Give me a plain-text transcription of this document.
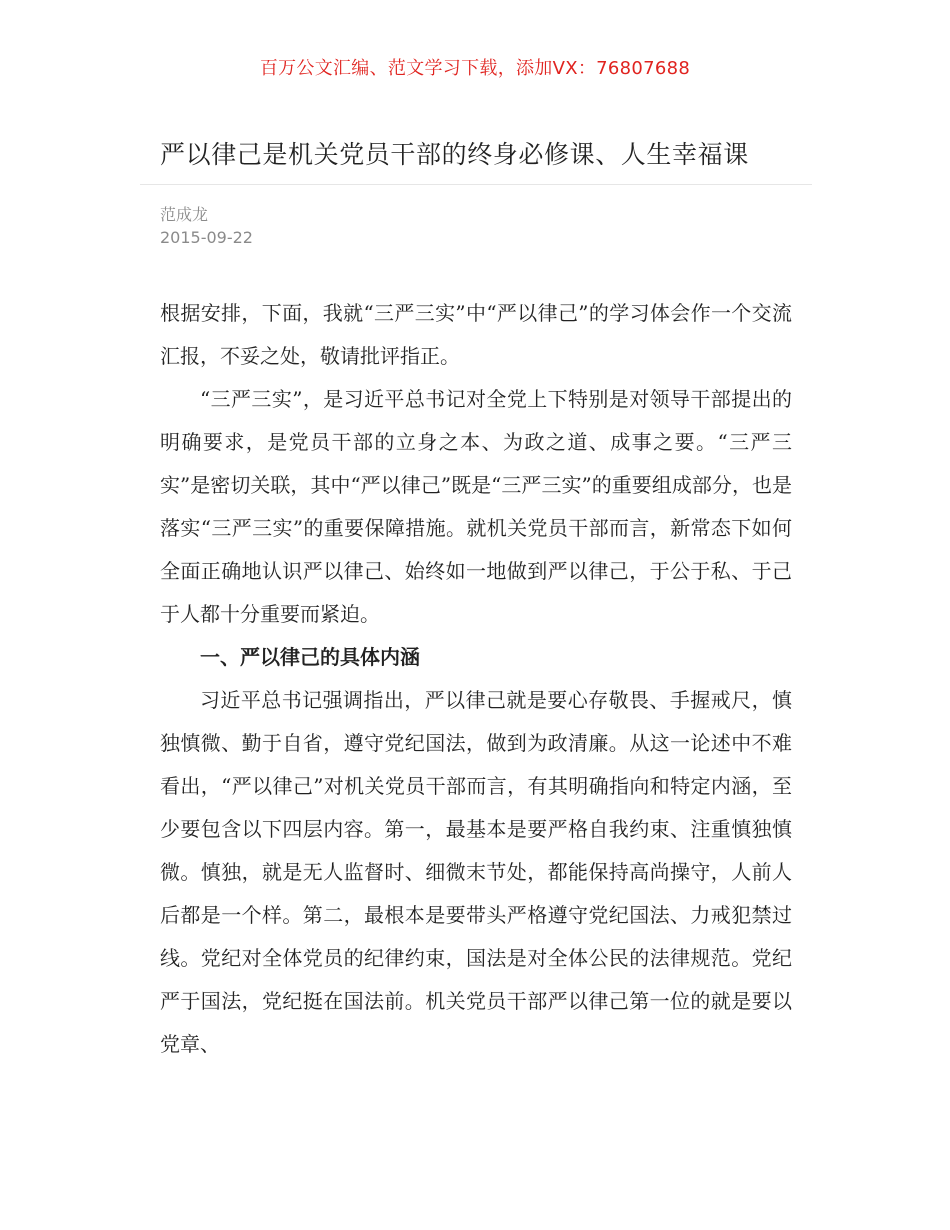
百万公文汇编、范文学习下载，添加VX：76807688
严以律己是机关党员干部的终身必修课、人生幸福课
范成龙
2015-09-22

根据安排，下面，我就“三严三实”中“严以律己”的学习体会作一个交流汇报，不妥之处，敬请批评指正。

“三严三实”，是习近平总书记对全党上下特别是对领导干部提出的明确要求，是党员干部的立身之本、为政之道、成事之要。“三严三实”是密切关联，其中“严以律己”既是“三严三实”的重要组成部分，也是落实“三严三实”的重要保障措施。就机关党员干部而言，新常态下如何全面正确地认识严以律己、始终如一地做到严以律己，于公于私、于己于人都十分重要而紧迫。

一、严以律己的具体内涵

习近平总书记强调指出，严以律己就是要心存敬畏、手握戒尺，慎独慎微、勤于自省，遵守党纪国法，做到为政清廉。从这一论述中不难看出，“严以律己”对机关党员干部而言，有其明确指向和特定内涵，至少要包含以下四层内容。第一，最基本是要严格自我约束、注重慎独慎微。慎独，就是无人监督时、细微末节处，都能保持高尚操守，人前人后都是一个样。第二，最根本是要带头严格遵守党纪国法、力戒犯禁过线。党纪对全体党员的纪律约束，国法是对全体公民的法律规范。党纪严于国法，党纪挺在国法前。机关党员干部严以律己第一位的就是要以党章、
